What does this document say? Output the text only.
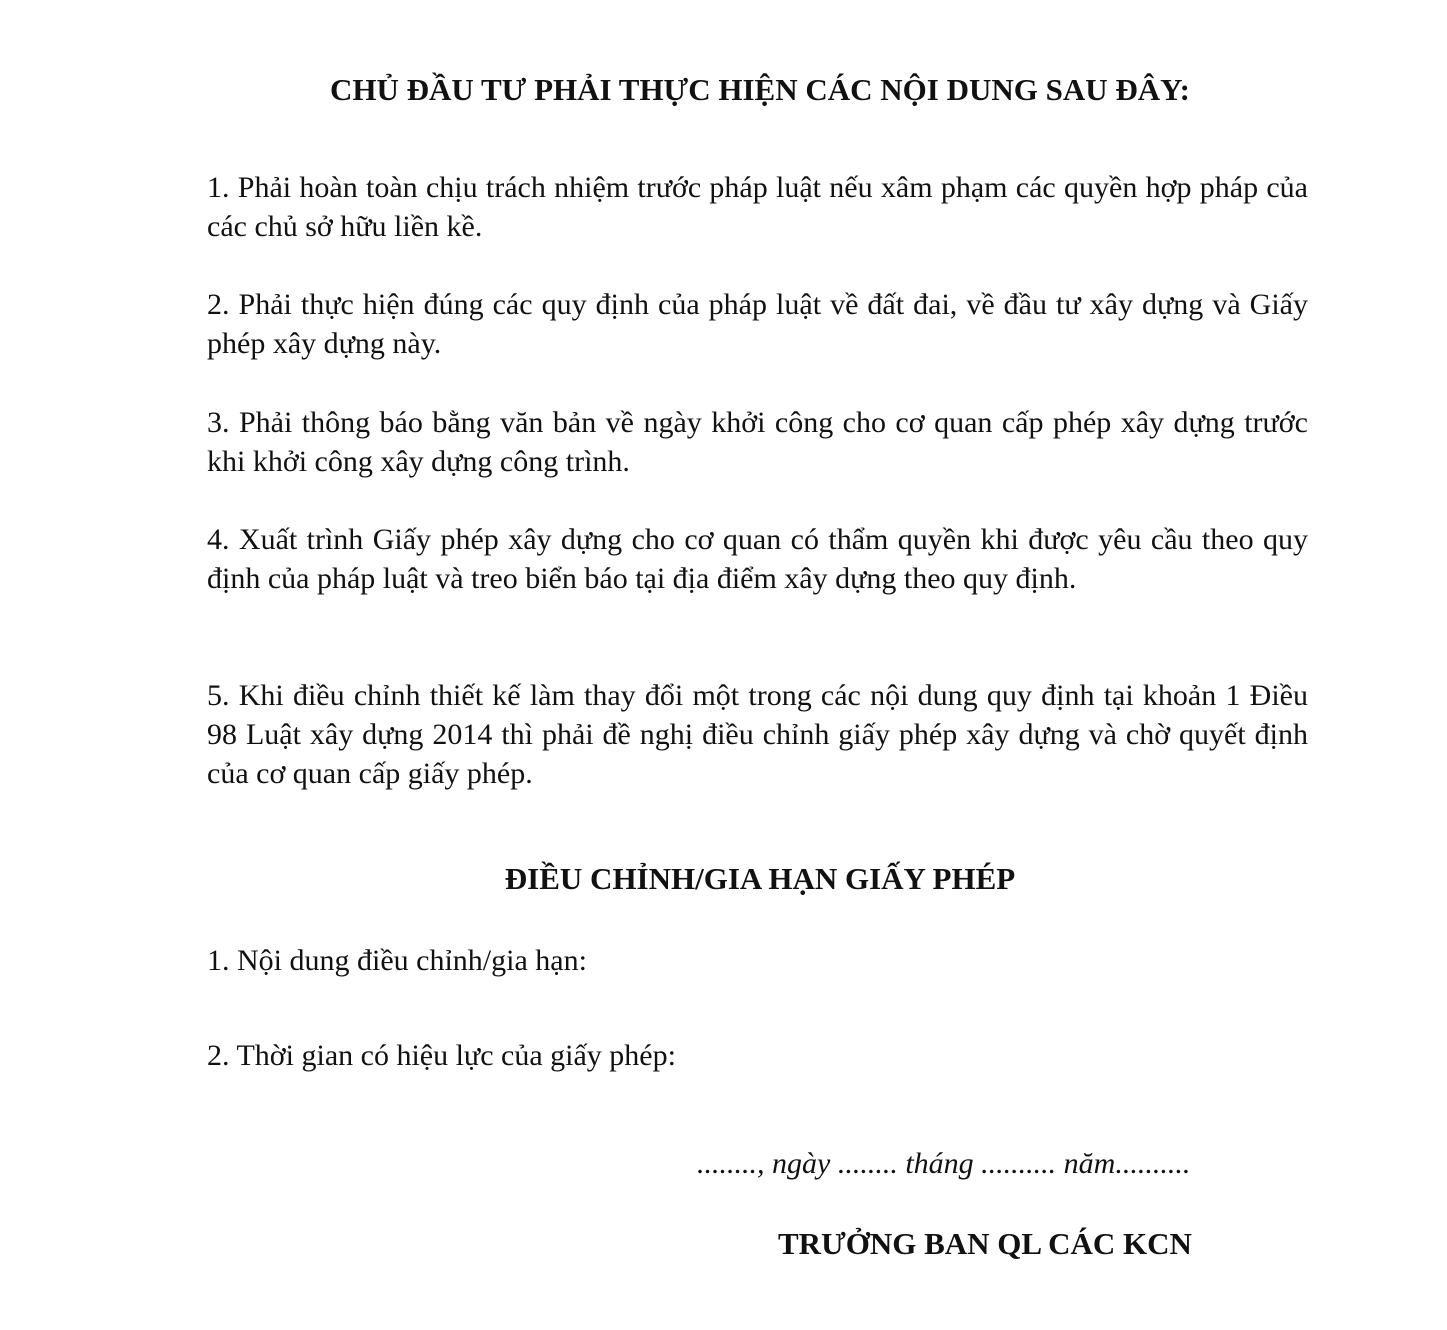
CHỦ ĐẦU TƯ PHẢI THỰC HIỆN CÁC NỘI DUNG SAU ĐÂY:

1. Phải hoàn toàn chịu trách nhiệm trước pháp luật nếu xâm phạm các quyền hợp pháp của các chủ sở hữu liền kề.

2. Phải thực hiện đúng các quy định của pháp luật về đất đai, về đầu tư xây dựng và Giấy phép xây dựng này.

3. Phải thông báo bằng văn bản về ngày khởi công cho cơ quan cấp phép xây dựng trước khi khởi công xây dựng công trình.

4. Xuất trình Giấy phép xây dựng cho cơ quan có thẩm quyền khi được yêu cầu theo quy định của pháp luật và treo biển báo tại địa điểm xây dựng theo quy định.

5. Khi điều chỉnh thiết kế làm thay đổi một trong các nội dung quy định tại khoản 1 Điều 98 Luật xây dựng 2014 thì phải đề nghị điều chỉnh giấy phép xây dựng và chờ quyết định của cơ quan cấp giấy phép.

ĐIỀU CHỈNH/GIA HẠN GIẤY PHÉP

1. Nội dung điều chỉnh/gia hạn:

2. Thời gian có hiệu lực của giấy phép:

........, ngày ........ tháng .......... năm..........

TRƯỞNG BAN QL CÁC KCN
